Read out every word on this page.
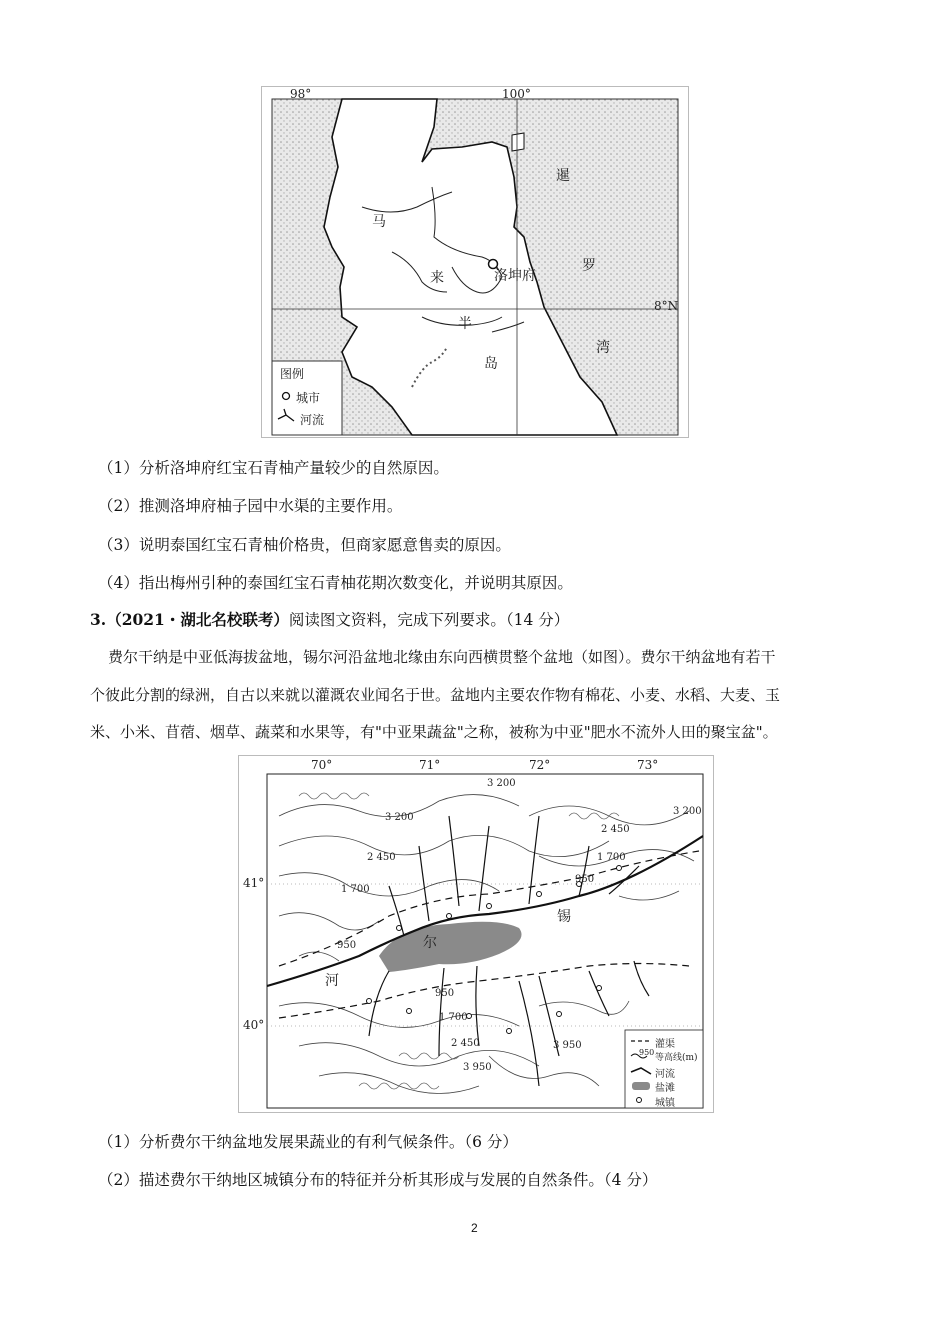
98°	100°
8°N
马
来
半
岛
洛坤府
暹
罗
湾
图例
城市
河流
（1）分析洛坤府红宝石青柚产量较少的自然原因。
（2）推测洛坤府柚子园中水渠的主要作用。
（3）说明泰国红宝石青柚价格贵，但商家愿意售卖的原因。
（4）指出梅州引种的泰国红宝石青柚花期次数变化，并说明其原因。
3.（2021・湖北名校联考）阅读图文资料，完成下列要求。（14 分）
费尔干纳是中亚低海拔盆地，锡尔河沿盆地北缘由东向西横贯整个盆地（如图）。费尔干纳盆地有若干
个彼此分割的绿洲，自古以来就以灌溉农业闻名于世。盆地内主要农作物有棉花、小麦、水稻、大麦、玉
米、小米、苜蓿、烟草、蔬菜和水果等，有"中亚果蔬盆"之称，被称为中亚"肥水不流外人田的聚宝盆"。
70°	71°	72°	73°
41°
40°
3 200
3 200
3 200
2 450
2 450
2 450
1 700
1 700
1 700
950
950
950
3 950
3 950
锡
尔
河
灌渠
950
等高线(m)
河流
盐滩
城镇
（1）分析费尔干纳盆地发展果蔬业的有利气候条件。（6 分）
（2）描述费尔干纳地区城镇分布的特征并分析其形成与发展的自然条件。（4 分）
2
